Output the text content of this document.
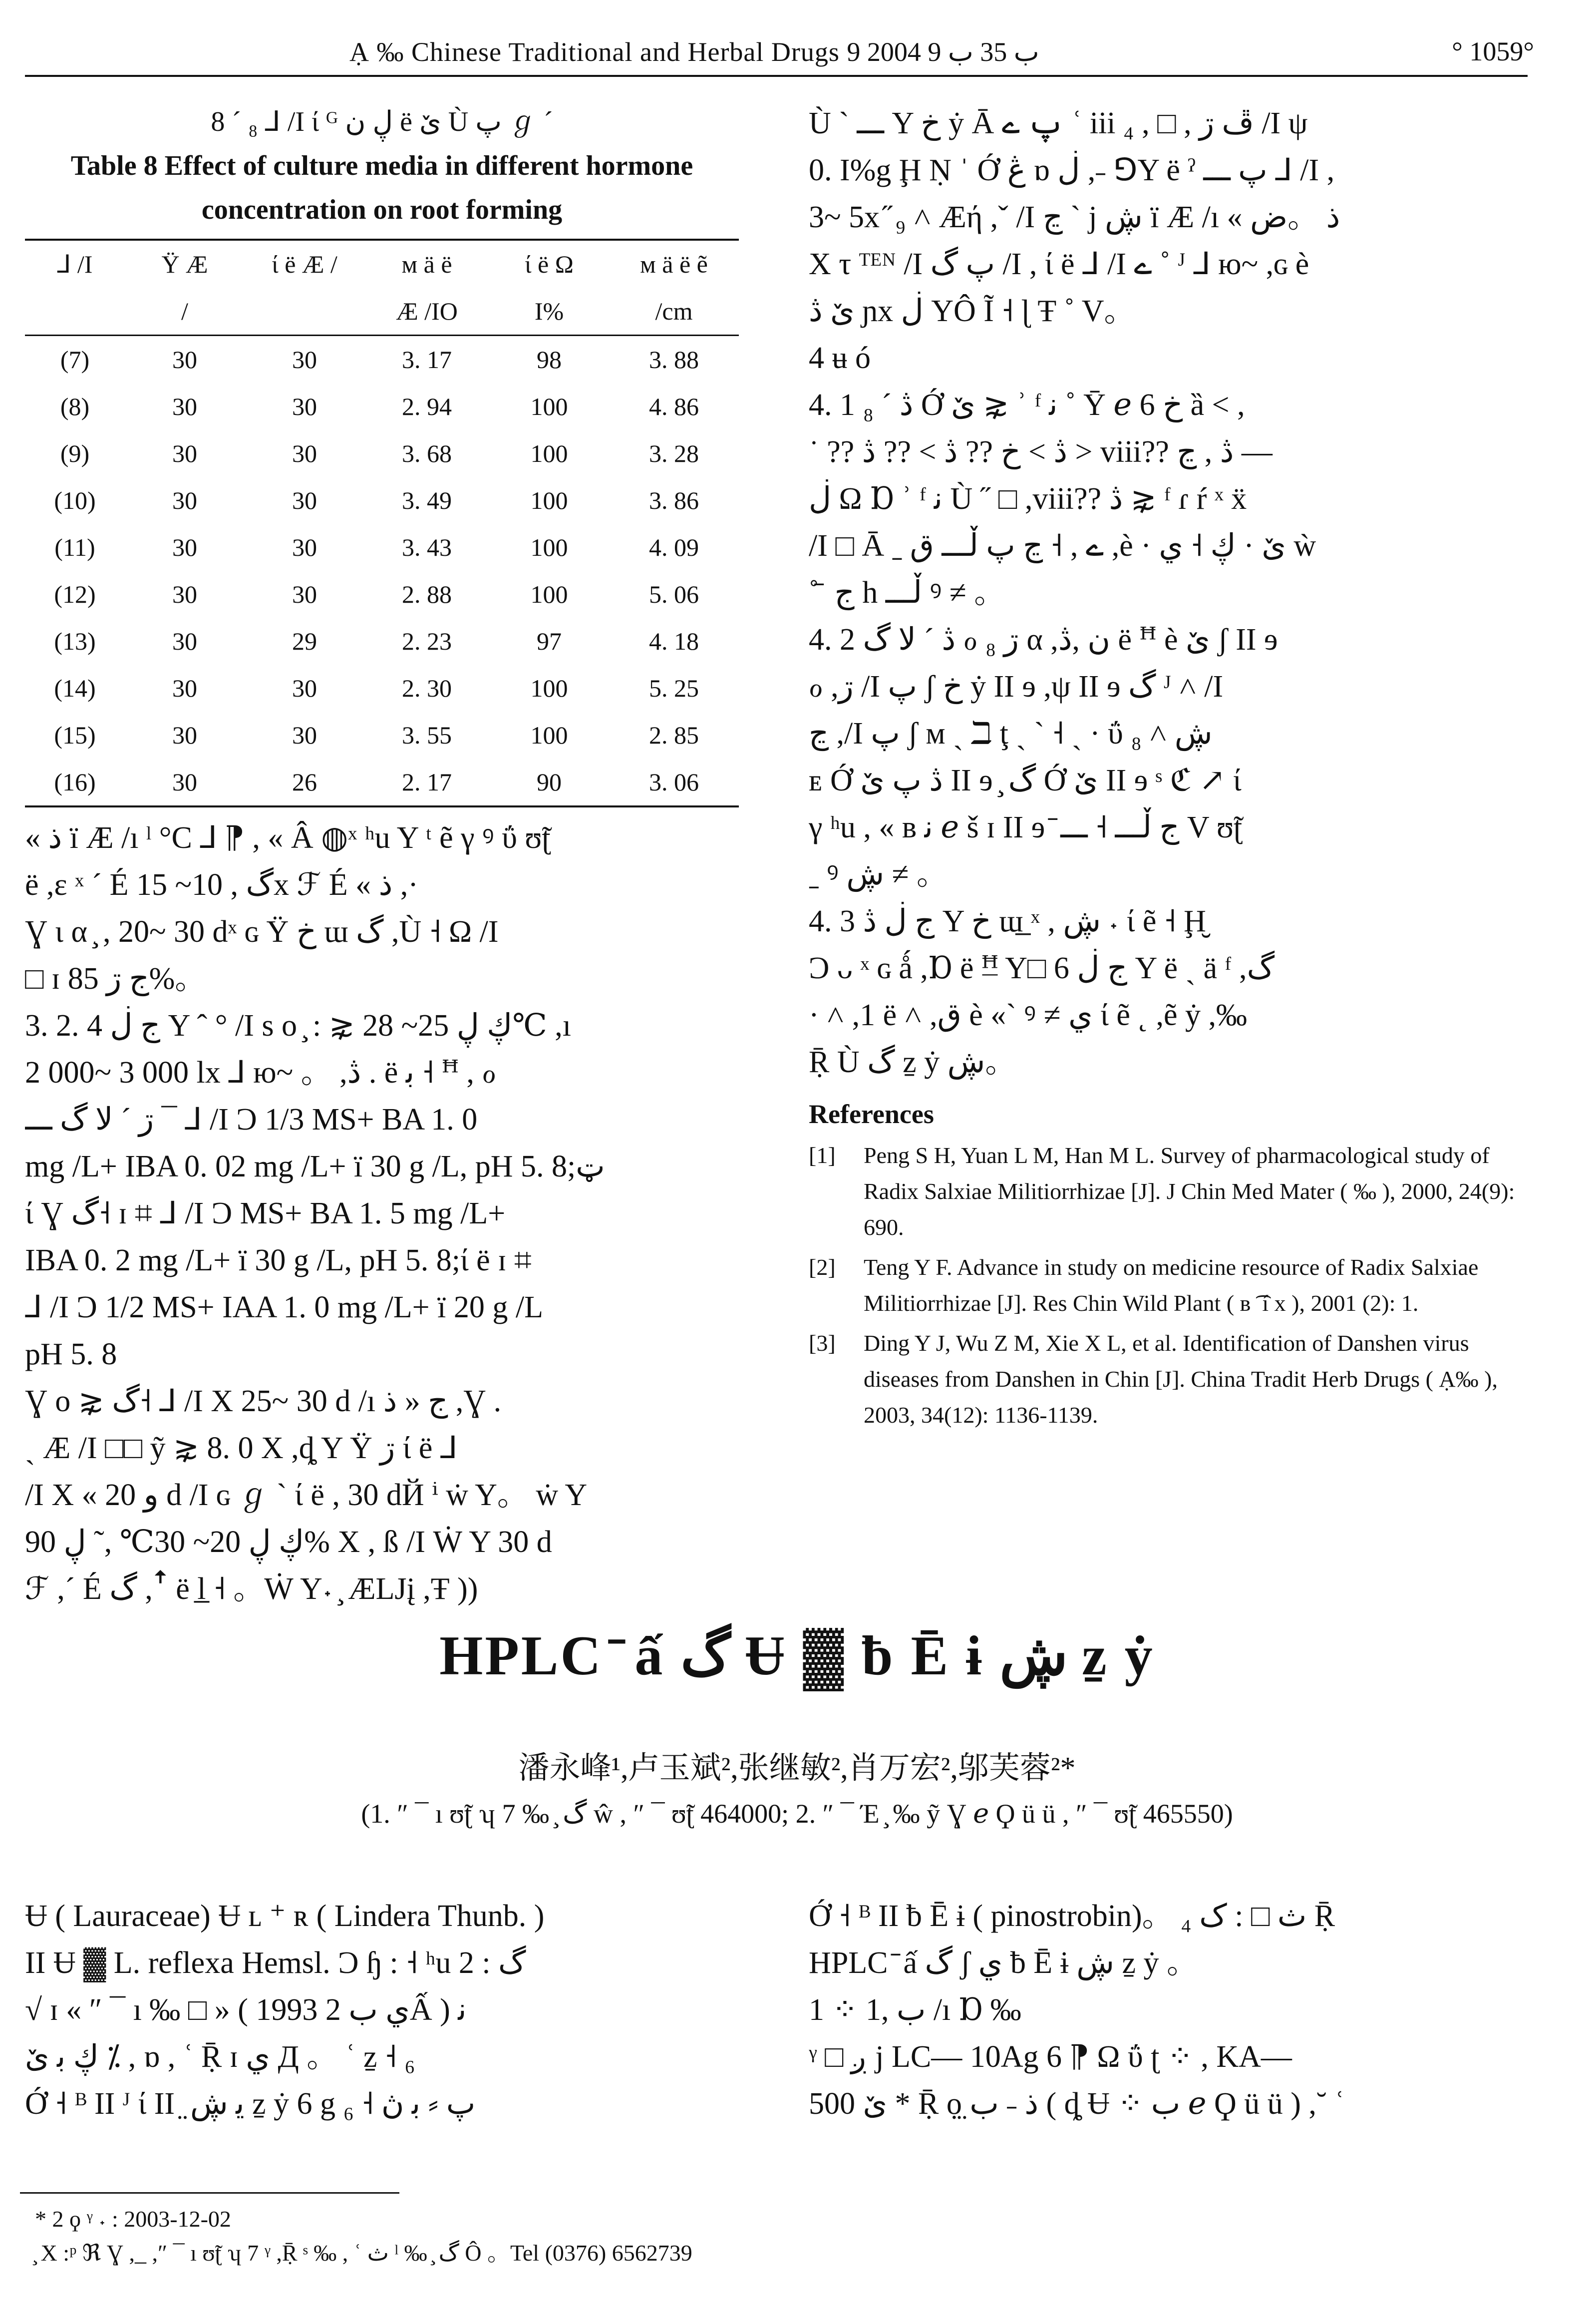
Ạ ‰ Chinese Traditional and Herbal Drugs ب 35 ب 9 2004 9	° 1059°
8 ´ ₈ ⅃ /I ί ᴳ ڸ ن ë ێ Ù پ ℊ ´
Table 8 Effect of culture media in different hormone
concentration on root forming
⅃ /I	Ÿ Æ	ί ë Æ /	ᴍ ä ë	ί ë Ω	ᴍ ä ë ẽ
	/		Æ /IO	I%	/cm
(7)	30	30	3. 17	98	3. 88
(8)	30	30	2. 94	100	4. 86
(9)	30	30	3. 68	100	3. 28
(10)	30	30	3. 49	100	3. 86
(11)	30	30	3. 43	100	4. 09
(12)	30	30	2. 88	100	5. 06
(13)	30	29	2. 23	97	4. 18
(14)	30	30	2. 30	100	5. 25
(15)	30	30	3. 55	100	2. 85
(16)	30	26	2. 17	90	3. 06

« ذ ï Æ /ı ˡ °C ⅃ ⁋ , « Â ◍ˣ ʰu Y ᵗ ẽ γ ꝰ ΰ ʊ̃ʈ

ë ,ɛ ˣ ´ É گ , 10~ 15x ℱ É « ذ ,·

Ɣ ι α ̧ , 20~ 30 dˣ ɢ Ÿ خ ɯ گ ,Ù ˧ Ω /I

□ ɪ ج ڗ 85%。

3. 2. 4 ج ڶ Y ˆ ° /I s o ̧ : ⋧ ڮ ڸ 25~ 28℃ ,ı

2 000~ 3 000 lx ⅃ ю~ 。 ,ڎ . ë ﺑ ˧ ꟸ , ℴ

ڗ ´ لا گ ـــ ¯ ⅃ /I Ɔ 1/3 MS+ BA 1. 0

mg /L+ IBA 0. 02 mg /L+ ï 30 g /L, pH 5. 8;ټ

ί Ɣ گ˧ ɪ ⌗ ⅃ /I Ɔ MS+ BA 1. 5 mg /L+

IBA 0. 2 mg /L+ ï 30 g /L, pH 5. 8;ί ë ɪ ⌗

⅃ /I Ɔ 1/2 MS+ IAA 1. 0 mg /L+ ï 20 g /L

pH 5. 8

Ɣ ο ⋧ گ˧ ⅃ /I Χ 25~ 30 d /ı ج « ذ ,Ɣ .

ˏ Æ /I □□ ỹ ⋧ 8. 0 Χ ,ȡ Y Ÿ ڗ ί ë ⅃

/I Χ « و 20 d /I ɢ ℊ ˋ ί ë , 30 dЙ ⁱ ẇ Y。 ẇ Y

ڮ ڸ 20~ 30℃ ,˜ ڸ 90% Χ , ß /I Ẇ Y 30 d

ℱ ,ˊ É گ ,ꜛ ë l̲ ˧ 。Ẇ Y˖ ̧ ÆLJį ,Ŧ ))

Ù ˋ ـــ Y خ ẏ Ā پ ے ʿ iii ₄ , □ , ڦ ڗ /I ψ

0. I%g Ḩ Ṇ ˈ Ớ ڠ ɒ ڶ ,˗ ⅁Y ë ˀ پ ـــ ⅃ /I ,

3~ 5x ̋ ₉ ˄ Æή ,ˇ /I ڃ ˋ j ڜ ï Æ /ı « ذ 。ض

Χ τ ᵀᴱᴺ /I پ گ /I , ί ë ⅃ /I ے ˚ ᴶ ⅃ ю~ ,ɢ è

ێ ڎ ɲx ڶ YÔ Ĩ ˧ ɭ Ŧ ˚ V。

4 ʉ ó

4. 1 ڎ ´ ₈ Ớ ێ ⋧ ʾ ᶠ ﻧ ˚ Ȳ ℯ 6 خ ȁ ˂ ,

˙ ?? ڎ > خ ?? ڎ > ?? ڎ > viii?? ڎ , ڃ —

ڶ Ω Ɒ ʾ ᶠ ﻧ Ù ˝ □ ,viii?? ڎ ⋧ ᶠ ɾ ŕ ˣ ẍ

/I □ Ā ˍ ے , ˧ ڃ پ ڵـــ ق ,è · ێ · ڮ ˧ ي ẁ

˚ ̄ ج h ڵـــ ꝰ ≠ 。

4. 2 ڎ ´ لا گ ℴ ڗ ₈ α ,ن ,ڎ ë ꟸ è ێ ʃ II ɘ

ℴ ,ڗ /I پ ʃ خ ẏ II ɘ ,ψ II ɘ گ ᴶ ˄ /I

ڃ ,/I پ ʃ ᴍ ˏ ℶ ţ ˎ ˋ ˧ ˏ · ΰ ڜ ˄ ₈

ᴇ Ớ ڎ پ ێ II ɘ ̧ گ Ớ ێ II ɘ ˢ ℭ ↗ ί

γ ʰu , « ʙ ﻧ ℯ š ɪ II ɘ ̄ ج ڵـــ ˧ ـــ V ʊ̃ʈ

ˍ ꝰ ڜ ≠ 。

4. 3 ج ڶ ڎ Y خ ɯ̲ ˣ , ڜ ˖ ί ẽ ˧ Ḩ̮

Ɔ ᴗ ˣ ɢ ǻ ,Ɒ ë ꟸ̲ Y□ 6 ج ڶ Y ë ˏ ä ᶠ ,گ

· ˄ ,1 ë ˄ ,ق è «ˋ ꝰ ≠ ي ί ẽ ˛ ,ẽ ẏ ,‰

Ṝ Ù گ ẕ ẏ ڜ。

References
[1]	Peng S H, Yuan L M, Han M L. Survey of pharmacological study of Radix Salxiae Militiorrhizae [J]. J Chin Med Mater ( ‰ ), 2000, 24(9): 690.
[2]	Teng Y F. Advance in study on medicine resource of Radix Salxiae Militiorrhizae [J]. Res Chin Wild Plant ( ʙ ͡ í x ), 2001 (2): 1.
[3]	Ding Y J, Wu Z M, Xie X L, et al. Identification of Danshen virus diseases from Danshen in Chin [J]. China Tradit Herb Drugs ( Ạ‰ ), 2003, 34(12): 1136-1139.
HPLC ̄ ấ گ Ʉ ▓ ƀ Ē ɨ ڜ ẕ ẏ
潘永峰¹,卢玉斌²,张继敏²,肖万宏²,邬芙蓉²*
(1. ″ ¯ ı ʊ̃ʈ ʮ 7 ‰ ̧ گ ŵ , ″ ¯ ʊ̃ʈ 464000; 2. ″ ¯ Έ ̧ ‰ ỹ Ɣ ℯ Ϙ ü ü , ″ ¯ ʊ̃ʈ 465550)

Ʉ ( Lauraceae) Ʉ ʟ ⁺ ʀ ( Lindera Thunb. )

II Ʉ ▓ L. reflexa Hemsl. Ɔ ɧ : ˧ ʰu گ : 2

√ ɪ « ″ ¯ ı ‰ □ » ( 1993 ي ب 2Ấ ) ﻧ

ڮ ﺑ ێ ⁒ , ɒ , ʿ Ṝ ɪ ي Д 。 ʿ ẕ ˧ ₆

Ớ ˧ ᴮ II ᴶ ί II ̤ ﻳ ڜ ẕ ẏ 6 g پ ⸗ ﺑ ڽ ˧ ₆

Ớ ˧ ᴮ II ƀ Ē ɨ ( pinostrobin)。 ₄ ث □ : ک Ṝ

HPLC ̄ ấ گ ʃ ي ƀ Ē ɨ ڜ ẕ ẏ 。

1 ⁘ ب ,1 /ı Ɒ ‰

ᵞ □ ږ j LC— 10Ag 6 ⁋ Ω ΰ ʈ ⁘ , KA—

500 ێ * Ṝ ọ̤ ذ ˗ ب ( ȡ Ʉ ⁘ ب ℯ Ϙ ü ü ) ,˘ ʿ

* 2 ϙ ᵞ ˖ : 2003-12-02

̧ Χ :ᵖ ℜ Ɣ ,_ ,″ ¯ ı ʊ̃ʈ ʮ 7 ᵞ ,Ṝ ˢ ‰ , ʿ ث ˡ ‰ ̧ گ Ô 。Tel (0376) 6562739
